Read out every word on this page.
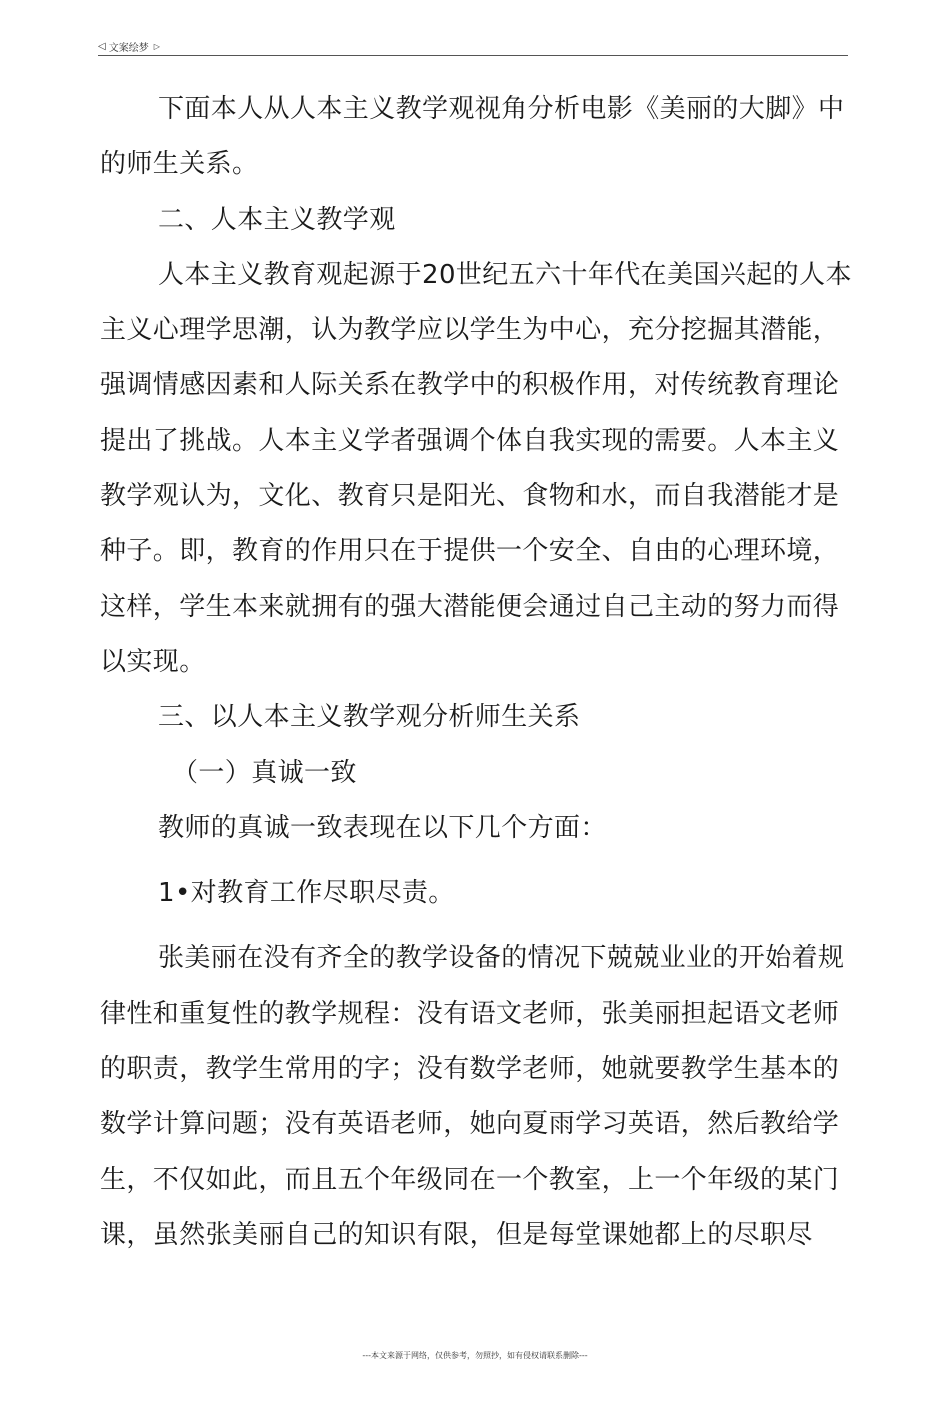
◁ 文案绘梦 ▷

下面本人从人本主义教学观视角分析电影《美丽的大脚》中的师生关系。

二、人本主义教学观

人本主义教育观起源于20世纪五六十年代在美国兴起的人本主义心理学思潮，认为教学应以学生为中心，充分挖掘其潜能，强调情感因素和人际关系在教学中的积极作用，对传统教育理论提出了挑战。人本主义学者强调个体自我实现的需要。人本主义教学观认为，文化、教育只是阳光、食物和水，而自我潜能才是种子。即，教育的作用只在于提供一个安全、自由的心理环境，这样，学生本来就拥有的强大潜能便会通过自己主动的努力而得以实现。

三、以人本主义教学观分析师生关系

（一）真诚一致

教师的真诚一致表现在以下几个方面：

1•对教育工作尽职尽责。

张美丽在没有齐全的教学设备的情况下兢兢业业的开始着规律性和重复性的教学规程：没有语文老师，张美丽担起语文老师的职责，教学生常用的字；没有数学老师，她就要教学生基本的数学计算问题；没有英语老师，她向夏雨学习英语，然后教给学生，不仅如此，而且五个年级同在一个教室，上一个年级的某门课，虽然张美丽自己的知识有限，但是每堂课她都上的尽职尽

---本文来源于网络，仅供参考，勿照抄，如有侵权请联系删除---
